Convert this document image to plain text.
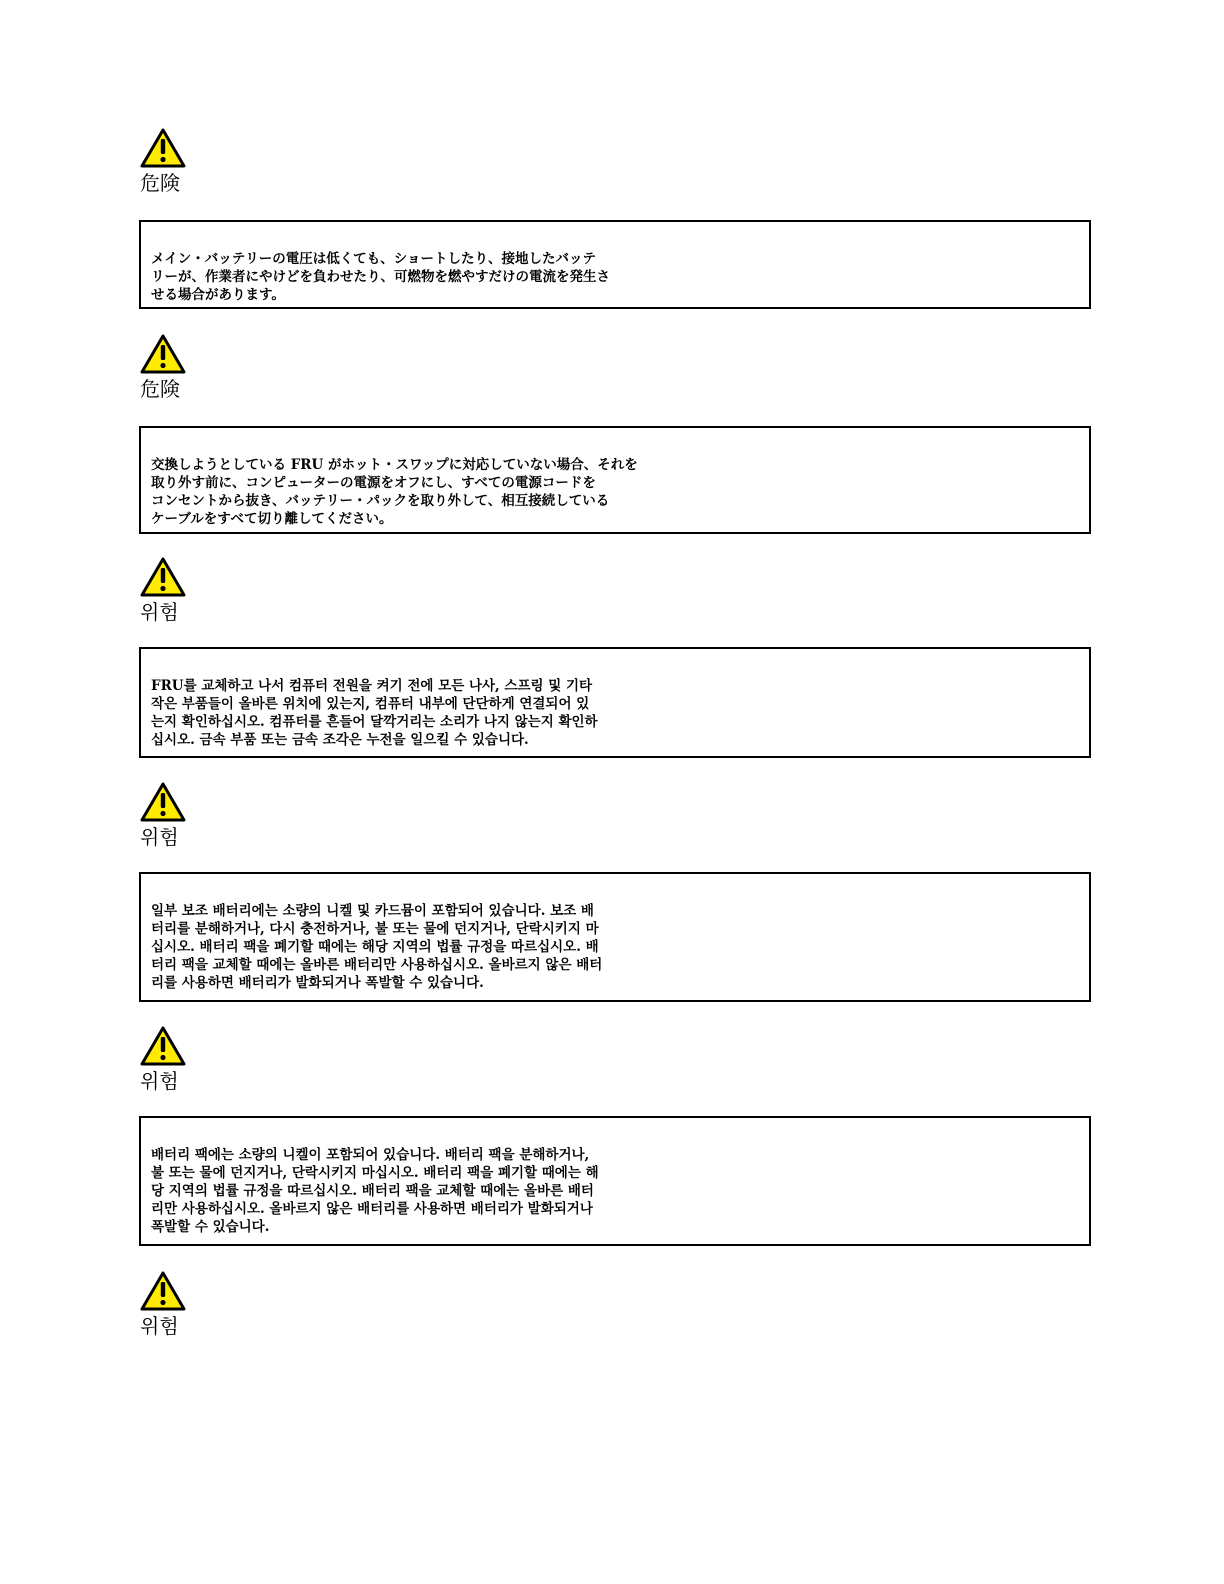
危険
メイン・バッテリーの電圧は低くても、ショートしたり、接地したバッテ
リーが、作業者にやけどを負わせたり、可燃物を燃やすだけの電流を発生さ
せる場合があります。
危険
交換しようとしている FRU がホット・スワップに対応していない場合、それを
取り外す前に、コンピューターの電源をオフにし、すべての電源コードを
コンセントから抜き、バッテリー・パックを取り外して、相互接続している
ケーブルをすべて切り離してください。
위험
FRU를 교체하고 나서 컴퓨터 전원을 켜기 전에 모든 나사, 스프링 및 기타
작은 부품들이 올바른 위치에 있는지, 컴퓨터 내부에 단단하게 연결되어 있
는지 확인하십시오. 컴퓨터를 흔들어 달깍거리는 소리가 나지 않는지 확인하
십시오. 금속 부품 또는 금속 조각은 누전을 일으킬 수 있습니다.
위험
일부 보조 배터리에는 소량의 니켈 및 카드뮴이 포함되어 있습니다. 보조 배
터리를 분해하거나, 다시 충전하거나, 불 또는 물에 던지거나, 단락시키지 마
십시오. 배터리 팩을 폐기할 때에는 해당 지역의 법률 규정을 따르십시오. 배
터리 팩을 교체할 때에는 올바른 배터리만 사용하십시오. 올바르지 않은 배터
리를 사용하면 배터리가 발화되거나 폭발할 수 있습니다.
위험
배터리 팩에는 소량의 니켈이 포함되어 있습니다. 배터리 팩을 분해하거나,
불 또는 물에 던지거나, 단락시키지 마십시오. 배터리 팩을 폐기할 때에는 해
당 지역의 법률 규정을 따르십시오. 배터리 팩을 교체할 때에는 올바른 배터
리만 사용하십시오. 올바르지 않은 배터리를 사용하면 배터리가 발화되거나
폭발할 수 있습니다.
위험
